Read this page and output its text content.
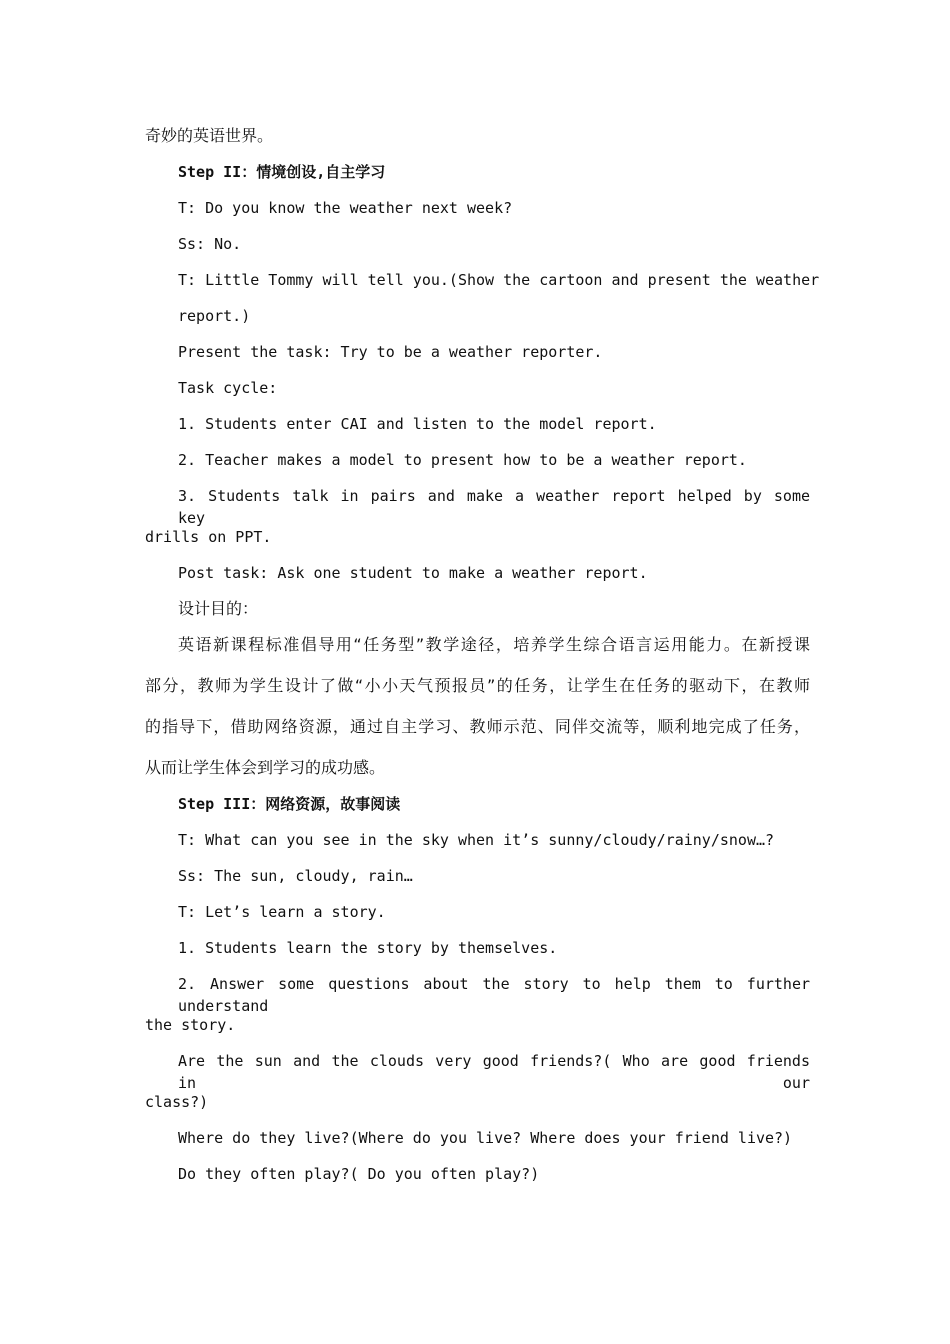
奇妙的英语世界。
Step II：情境创设,自主学习
T: Do you know the weather next week?
Ss: No.
T: Little Tommy will tell you.(Show the cartoon and present the weather
report.)
Present the task: Try to be a weather reporter.
Task cycle:
1. Students enter CAI and listen to the model report.
2. Teacher makes a model to present how to be a weather report.
3. Students talk in pairs and make a weather report helped by some key
drills on PPT.
Post task: Ask one student to make a weather report.
设计目的：
英语新课程标准倡导用“任务型”教学途径，培养学生综合语言运用能力。在新授课
部分，教师为学生设计了做“小小天气预报员”的任务，让学生在任务的驱动下，在教师
的指导下，借助网络资源，通过自主学习、教师示范、同伴交流等，顺利地完成了任务，
从而让学生体会到学习的成功感。
Step III：网络资源，故事阅读
T: What can you see in the sky when it’s sunny/cloudy/rainy/snow…?
Ss: The sun, cloudy, rain…
T: Let’s learn a story.
1. Students learn the story by themselves.
2. Answer some questions about the story to help them to further understand
the story.
Are the sun and the clouds very good friends?( Who are good friends in our
class?)
Where do they live?(Where do you live? Where does your friend live?)
Do they often play?( Do you often play?)
